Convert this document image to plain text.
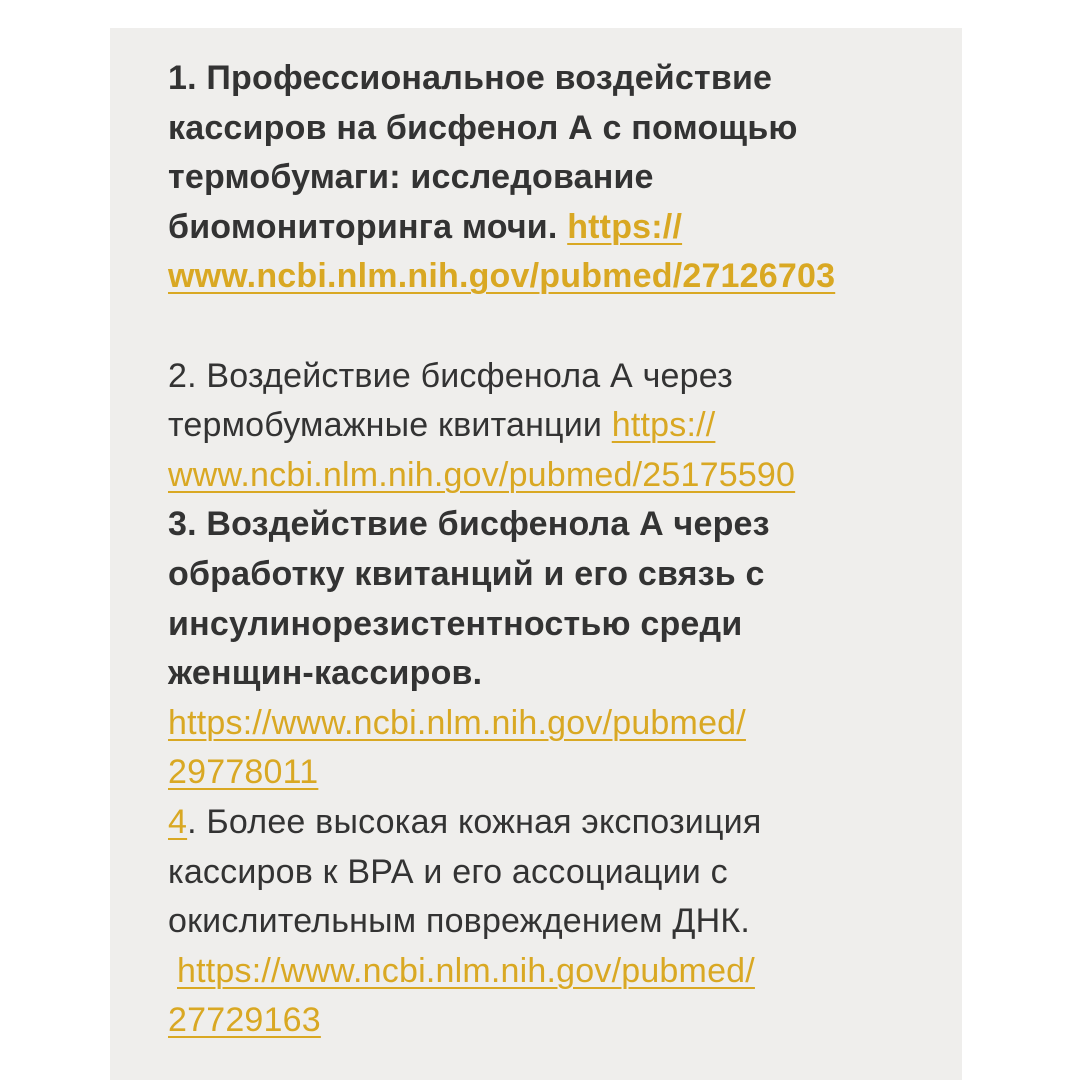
1. Профессиональное воздействие
кассиров на бисфенол А с помощью
термобумаги: исследование
биомониторинга мочи. https://
www.ncbi.nlm.nih.gov/pubmed/27126703
2. Воздействие бисфенола А через
термобумажные квитанции https://
www.ncbi.nlm.nih.gov/pubmed/25175590
3. Воздействие бисфенола А через
обработку квитанций и его связь с
инсулинорезистентностью среди
женщин-кассиров.
https://www.ncbi.nlm.nih.gov/pubmed/
29778011
4. Более высокая кожная экспозиция
кассиров к ВРА и его ассоциации с
окислительным повреждением ДНК.
https://www.ncbi.nlm.nih.gov/pubmed/
27729163
